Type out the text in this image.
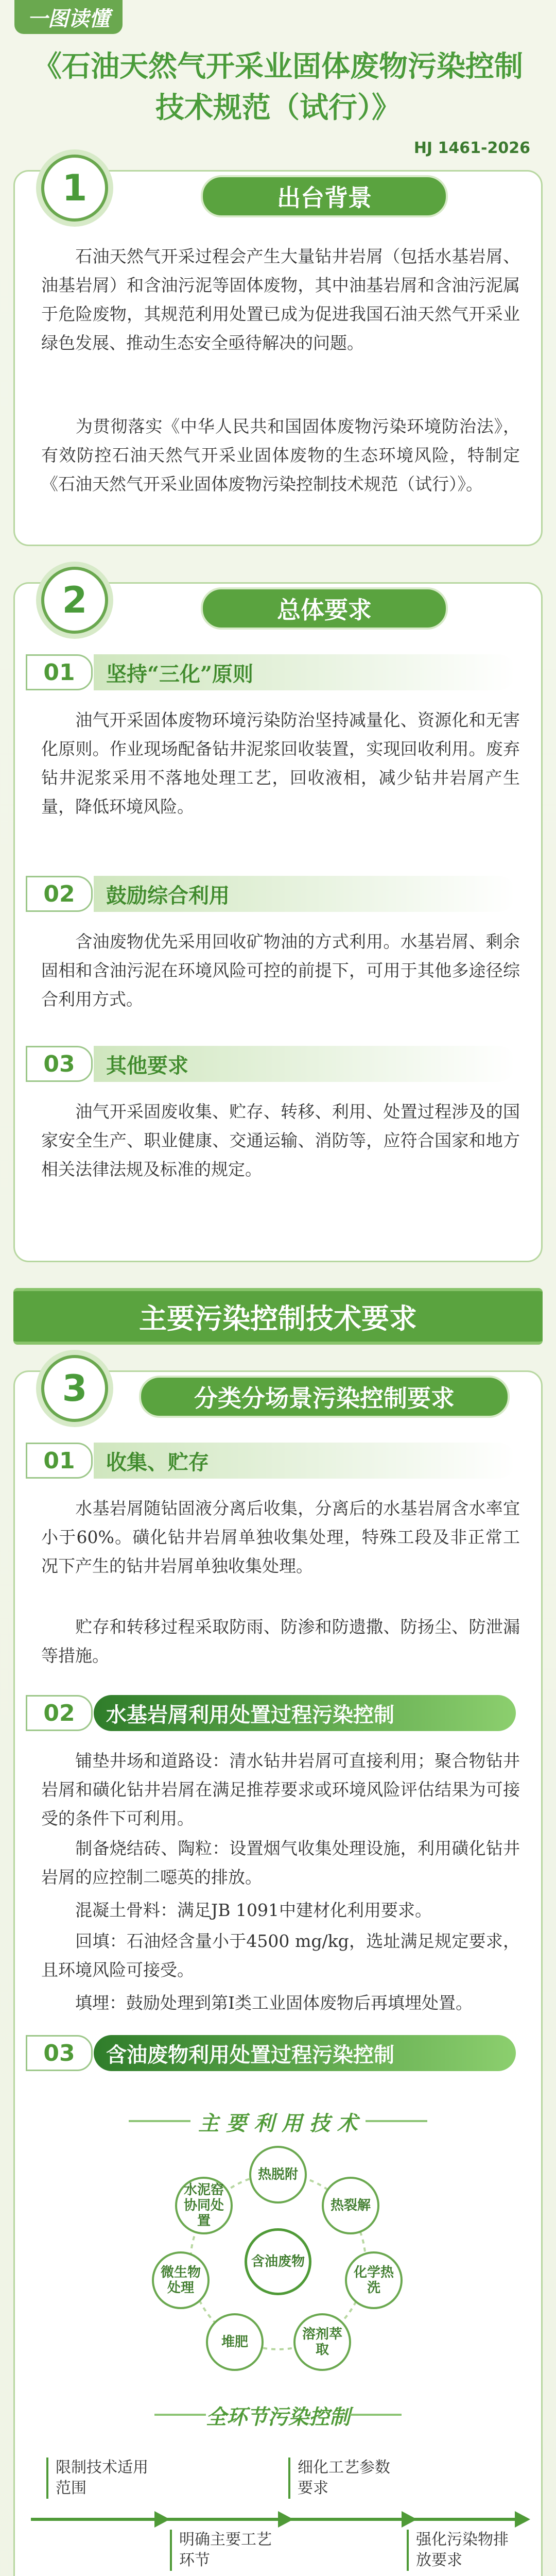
一图读懂
《石油天然气开采业固体废物污染控制
技术规范（试行）》
HJ 1461-2026
1	出台背景
石油天然气开采过程会产生大量钻井岩屑（包括水基岩屑、油基岩屑）和含油污泥等固体废物，其中油基岩屑和含油污泥属于危险废物，其规范利用处置已成为促进我国石油天然气开采业绿色发展、推动生态安全亟待解决的问题。
为贯彻落实《中华人民共和国固体废物污染环境防治法》，有效防控石油天然气开采业固体废物的生态环境风险，特制定《石油天然气开采业固体废物污染控制技术规范（试行）》。
2	总体要求
01	坚持“三化”原则
油气开采固体废物环境污染防治坚持减量化、资源化和无害化原则。作业现场配备钻井泥浆回收装置，实现回收利用。废弃钻井泥浆采用不落地处理工艺，回收液相，减少钻井岩屑产生量，降低环境风险。
02	鼓励综合利用
含油废物优先采用回收矿物油的方式利用。水基岩屑、剩余固相和含油污泥在环境风险可控的前提下，可用于其他多途径综合利用方式。
03	其他要求
油气开采固废收集、贮存、转移、利用、处置过程涉及的国家安全生产、职业健康、交通运输、消防等，应符合国家和地方相关法律法规及标准的规定。
主要污染控制技术要求
3	分类分场景污染控制要求
01	收集、贮存
水基岩屑随钻固液分离后收集，分离后的水基岩屑含水率宜小于60%。磺化钻井岩屑单独收集处理，特殊工段及非正常工况下产生的钻井岩屑单独收集处理。
贮存和转移过程采取防雨、防渗和防遗撒、防扬尘、防泄漏等措施。
02	水基岩屑利用处置过程污染控制
铺垫井场和道路设：清水钻井岩屑可直接利用；聚合物钻井岩屑和磺化钻井岩屑在满足推荐要求或环境风险评估结果为可接受的条件下可利用。
制备烧结砖、陶粒：设置烟气收集处理设施，利用磺化钻井岩屑的应控制二噁英的排放。
混凝土骨料：满足JB 1091中建材化利用要求。
回填：石油烃含量小于4500 mg/kg，选址满足规定要求，且环境风险可接受。
填埋：鼓励处理到第Ⅰ类工业固体废物后再填埋处置。
03	含油废物利用处置过程污染控制
主 要 利 用 技 术
含油废物
热脱附
热裂解
化学热洗
溶剂萃取
堆肥
微生物处理
水泥窑协同处置
全环节污染控制
限制技术适用范围
明确主要工艺环节
细化工艺参数要求
强化污染物排放要求
